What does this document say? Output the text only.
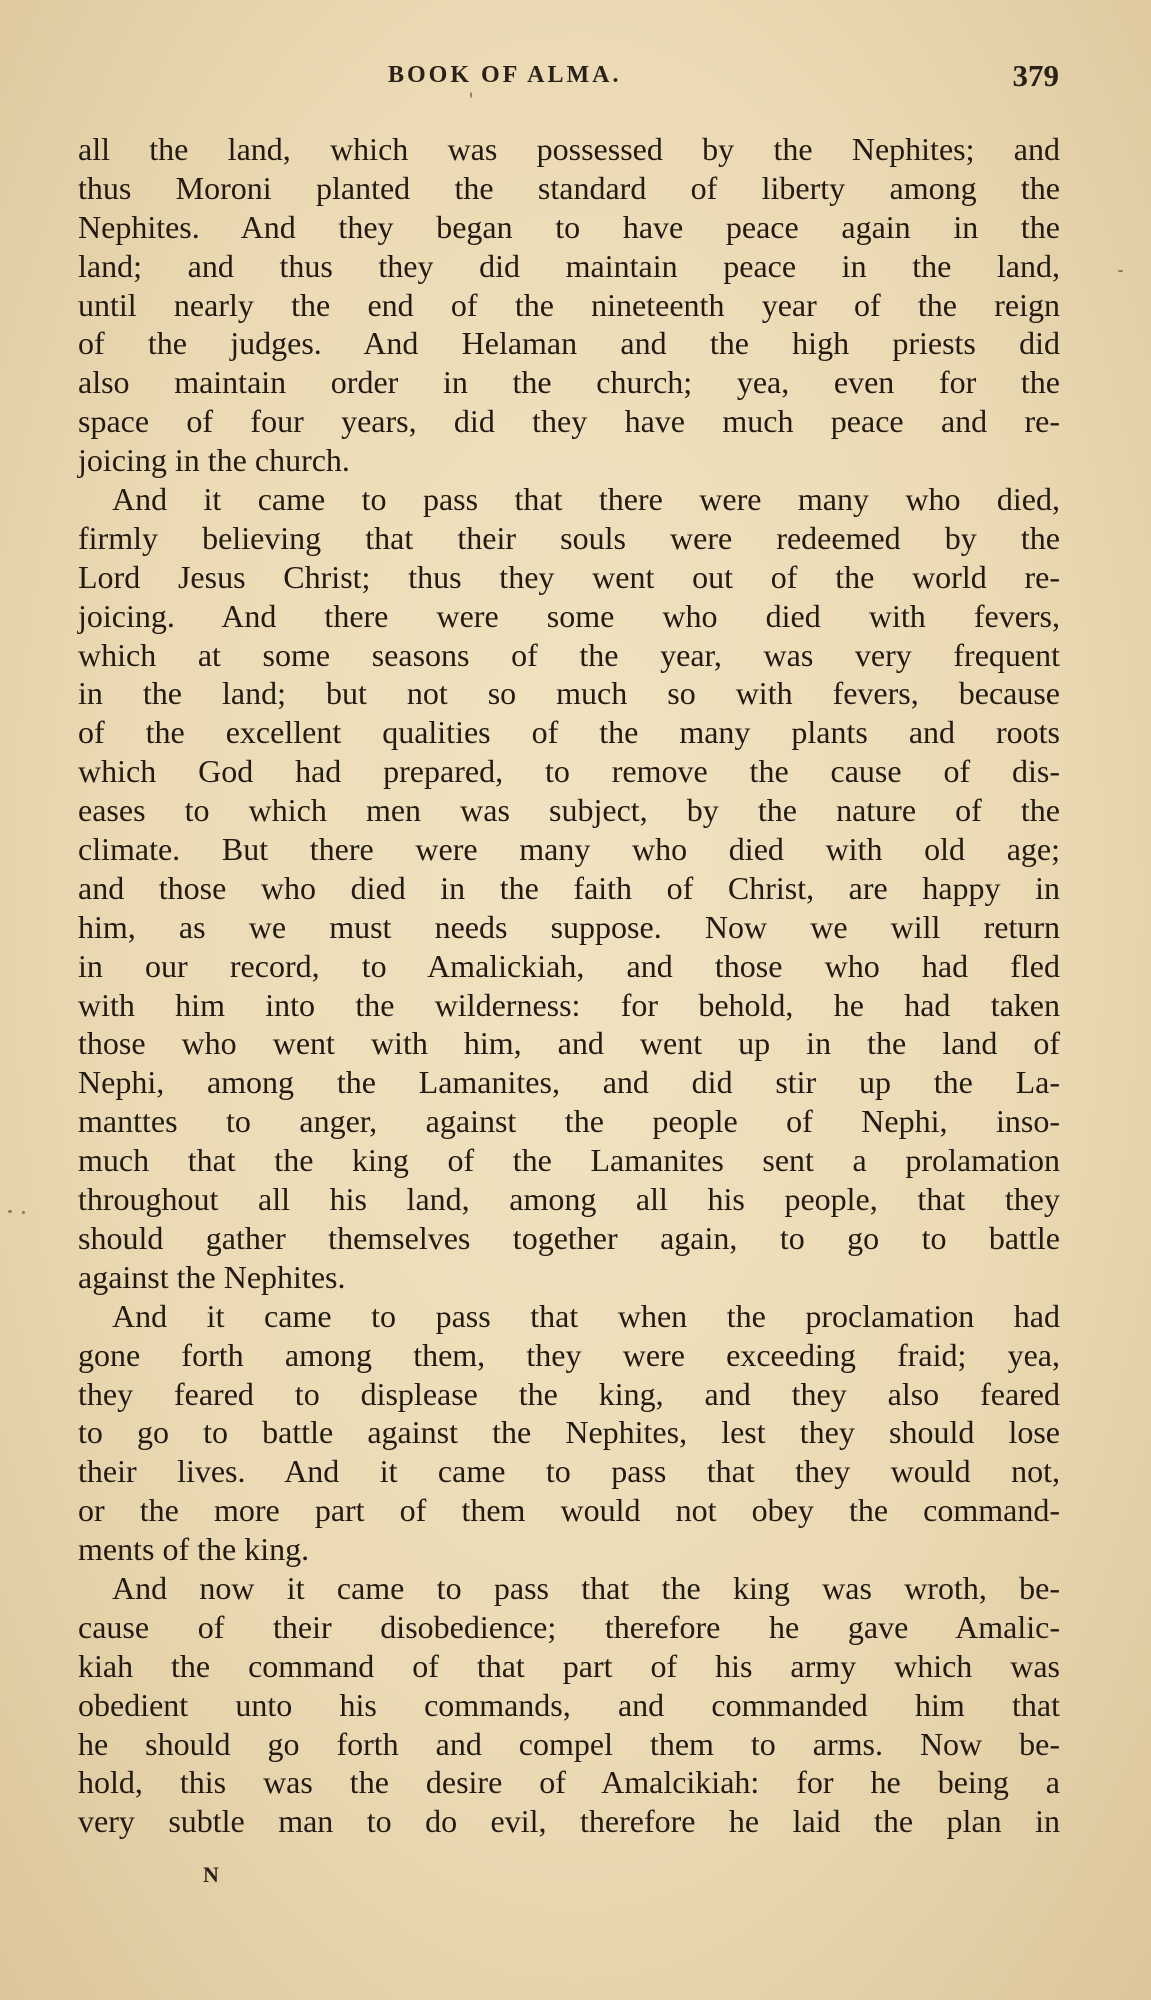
BOOK OF ALMA.	379
all the land, which was possessed by the Nephites; and
thus Moroni planted the standard of liberty among the
Nephites. And they began to have peace again in the
land; and thus they did maintain peace in the land,
until nearly the end of the nineteenth year of the reign
of the judges. And Helaman and the high priests did
also maintain order in the church; yea, even for the
space of four years, did they have much peace and re-
joicing in the church.
And it came to pass that there were many who died,
firmly believing that their souls were redeemed by the
Lord Jesus Christ; thus they went out of the world re-
joicing. And there were some who died with fevers,
which at some seasons of the year, was very frequent
in the land; but not so much so with fevers, because
of the excellent qualities of the many plants and roots
which God had prepared, to remove the cause of dis-
eases to which men was subject, by the nature of the
climate. But there were many who died with old age;
and those who died in the faith of Christ, are happy in
him, as we must needs suppose. Now we will return
in our record, to Amalickiah, and those who had fled
with him into the wilderness: for behold, he had taken
those who went with him, and went up in the land of
Nephi, among the Lamanites, and did stir up the La-
manttes to anger, against the people of Nephi, inso-
much that the king of the Lamanites sent a prolamation
throughout all his land, among all his people, that they
should gather themselves together again, to go to battle
against the Nephites.
And it came to pass that when the proclamation had
gone forth among them, they were exceeding fraid; yea,
they feared to displease the king, and they also feared
to go to battle against the Nephites, lest they should lose
their lives. And it came to pass that they would not,
or the more part of them would not obey the command-
ments of the king.
And now it came to pass that the king was wroth, be-
cause of their disobedience; therefore he gave Amalic-
kiah the command of that part of his army which was
obedient unto his commands, and commanded him that
he should go forth and compel them to arms. Now be-
hold, this was the desire of Amalcikiah: for he being a
very subtle man to do evil, therefore he laid the plan in
N
